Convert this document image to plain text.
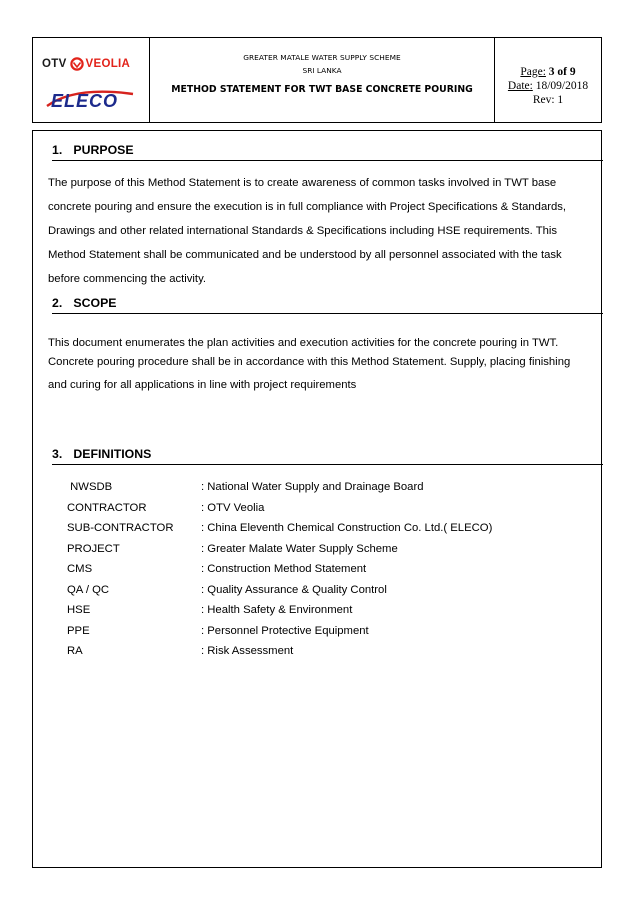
OTV VEOLIA
ELECO
GREATER MATALE WATER SUPPLY SCHEME
SRI LANKA
METHOD STATEMENT FOR TWT BASE CONCRETE POURING
Page: 3 of 9
Date: 18/09/2018
Rev: 1
1. PURPOSE
The purpose of this Method Statement is to create awareness of common tasks involved in TWT base
concrete pouring and ensure the execution is in full compliance with Project Specifications & Standards,
Drawings and other related international Standards & Specifications including HSE requirements. This
Method Statement shall be communicated and be understood by all personnel associated with the task
before commencing the activity.
2. SCOPE
This document enumerates the plan activities and execution activities for the concrete pouring in TWT.
Concrete pouring procedure shall be in accordance with this Method Statement. Supply, placing finishing
and curing for all applications in line with project requirements
3. DEFINITIONS
NWSDB	: National Water Supply and Drainage Board
CONTRACTOR	: OTV Veolia
SUB-CONTRACTOR	: China Eleventh Chemical Construction Co. Ltd.( ELECO)
PROJECT	: Greater Malate Water Supply Scheme
CMS	: Construction Method Statement
QA / QC	: Quality Assurance & Quality Control
HSE	: Health Safety & Environment
PPE	: Personnel Protective Equipment
RA	: Risk Assessment
